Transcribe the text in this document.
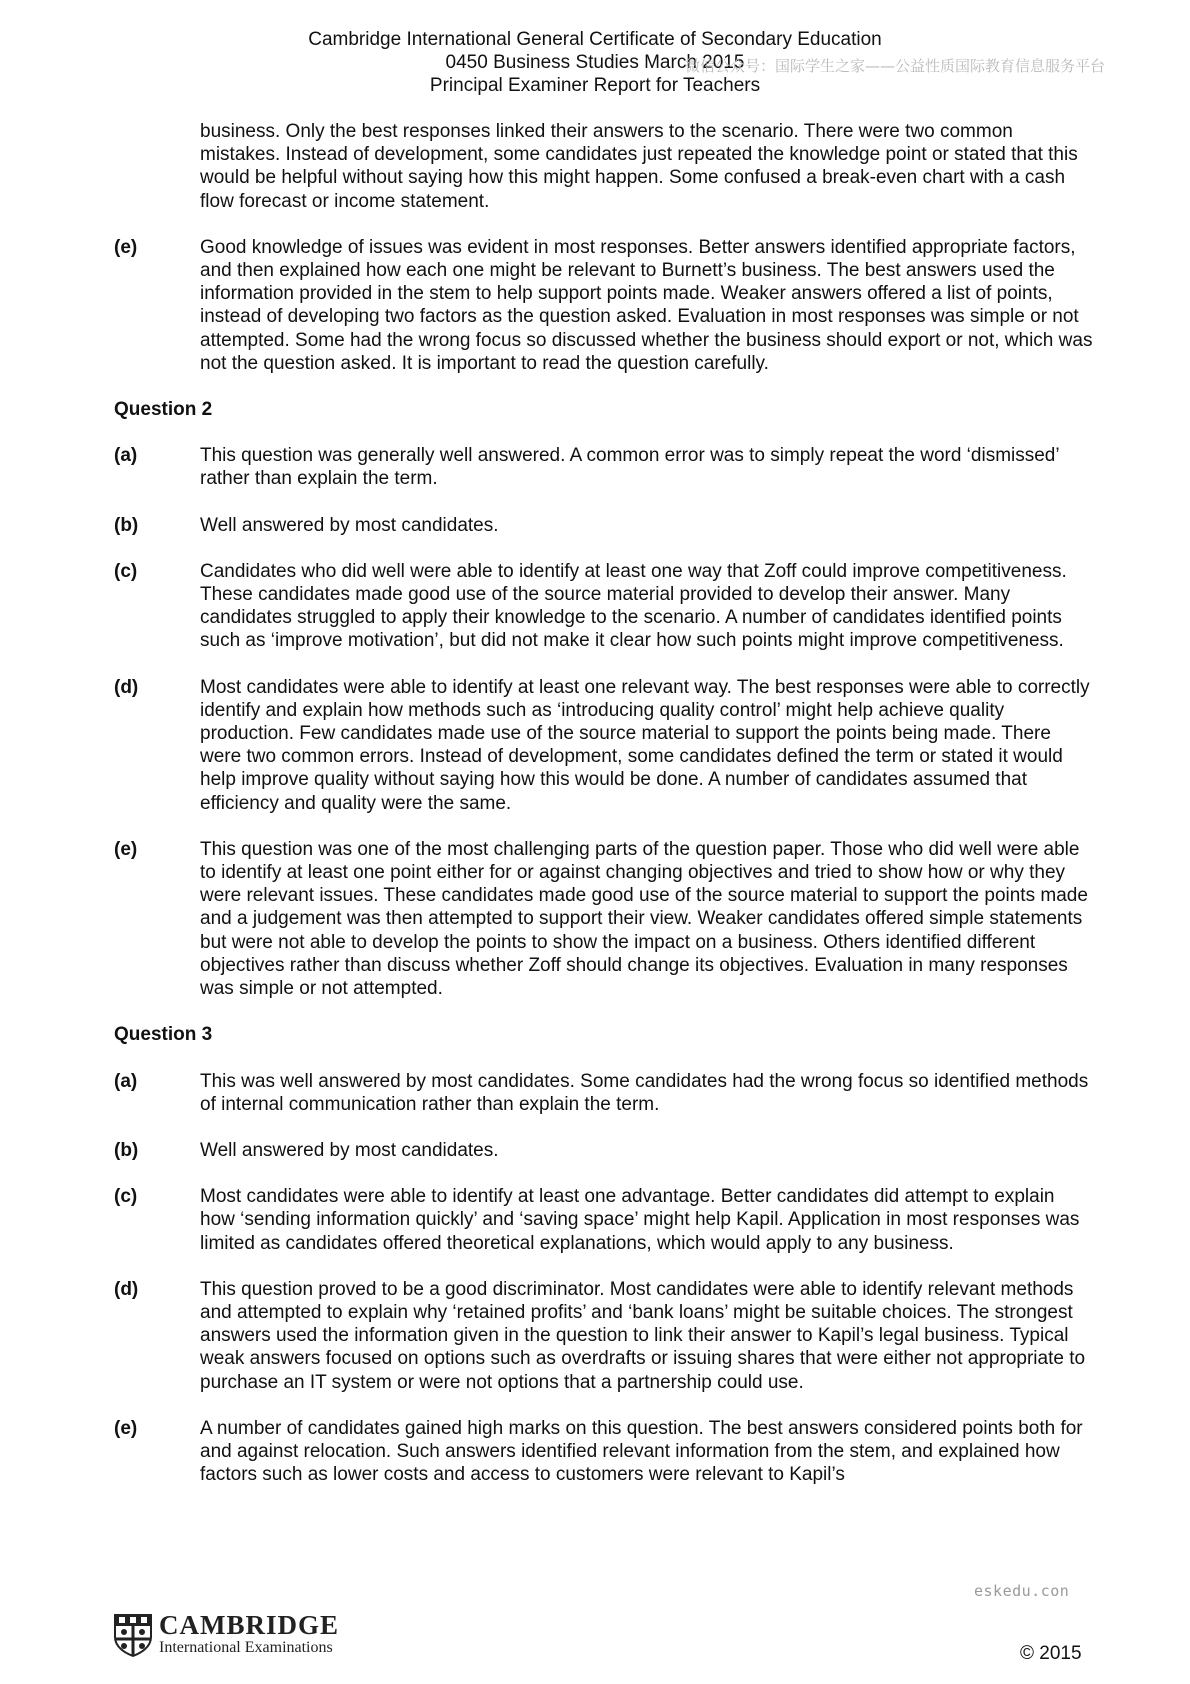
Cambridge International General Certificate of Secondary Education
0450 Business Studies March 2015
Principal Examiner Report for Teachers
微信公众号：国际学生之家——公益性质国际教育信息服务平台
business. Only the best responses linked their answers to the scenario. There were two common mistakes. Instead of development, some candidates just repeated the knowledge point or stated that this would be helpful without saying how this might happen. Some confused a break-even chart with a cash flow forecast or income statement.
(e)	Good knowledge of issues was evident in most responses. Better answers identified appropriate factors, and then explained how each one might be relevant to Burnett’s business. The best answers used the information provided in the stem to help support points made. Weaker answers offered a list of points, instead of developing two factors as the question asked. Evaluation in most responses was simple or not attempted. Some had the wrong focus so discussed whether the business should export or not, which was not the question asked. It is important to read the question carefully.
Question 2
(a)	This question was generally well answered. A common error was to simply repeat the word ‘dismissed’ rather than explain the term.
(b)	Well answered by most candidates.
(c)	Candidates who did well were able to identify at least one way that Zoff could improve competitiveness. These candidates made good use of the source material provided to develop their answer. Many candidates struggled to apply their knowledge to the scenario. A number of candidates identified points such as ‘improve motivation’, but did not make it clear how such points might improve competitiveness.
(d)	Most candidates were able to identify at least one relevant way. The best responses were able to correctly identify and explain how methods such as ‘introducing quality control’ might help achieve quality production. Few candidates made use of the source material to support the points being made. There were two common errors. Instead of development, some candidates defined the term or stated it would help improve quality without saying how this would be done. A number of candidates assumed that efficiency and quality were the same.
(e)	This question was one of the most challenging parts of the question paper. Those who did well were able to identify at least one point either for or against changing objectives and tried to show how or why they were relevant issues. These candidates made good use of the source material to support the points made and a judgement was then attempted to support their view. Weaker candidates offered simple statements but were not able to develop the points to show the impact on a business. Others identified different objectives rather than discuss whether Zoff should change its objectives. Evaluation in many responses was simple or not attempted.
Question 3
(a)	This was well answered by most candidates. Some candidates had the wrong focus so identified methods of internal communication rather than explain the term.
(b)	Well answered by most candidates.
(c)	Most candidates were able to identify at least one advantage. Better candidates did attempt to explain how ‘sending information quickly’ and ‘saving space’ might help Kapil. Application in most responses was limited as candidates offered theoretical explanations, which would apply to any business.
(d)	This question proved to be a good discriminator. Most candidates were able to identify relevant methods and attempted to explain why ‘retained profits’ and ‘bank loans’ might be suitable choices. The strongest answers used the information given in the question to link their answer to Kapil’s legal business. Typical weak answers focused on options such as overdrafts or issuing shares that were either not appropriate to purchase an IT system or were not options that a partnership could use.
(e)	A number of candidates gained high marks on this question. The best answers considered points both for and against relocation. Such answers identified relevant information from the stem, and explained how factors such as lower costs and access to customers were relevant to Kapil’s
eskedu.con
CAMBRIDGE
International Examinations	© 2015
